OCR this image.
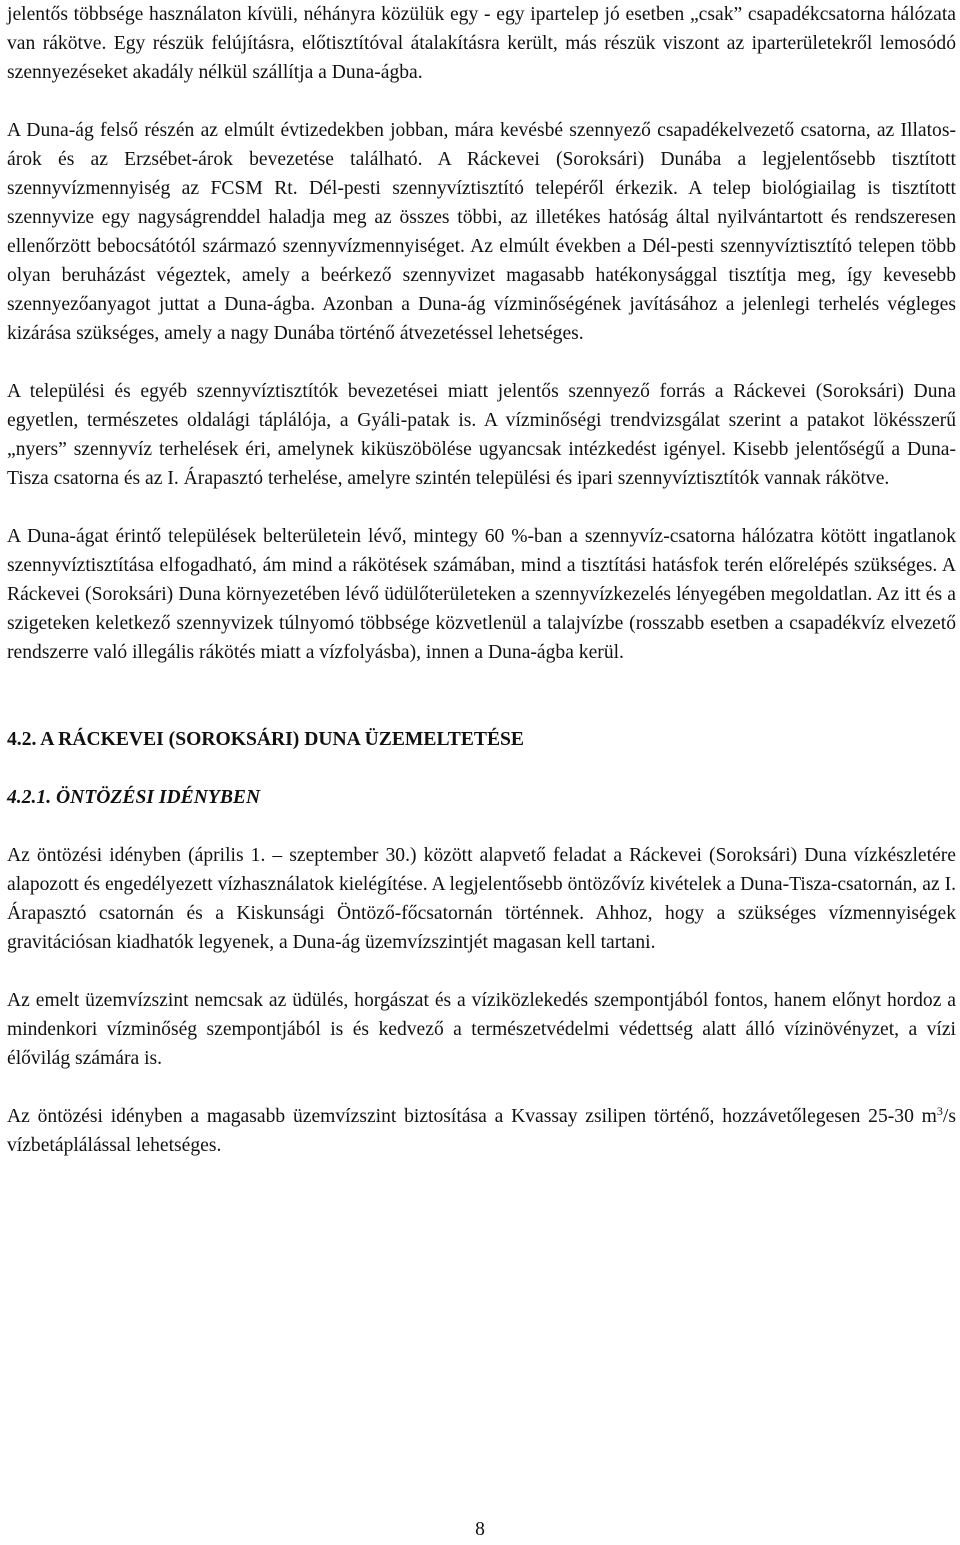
jelentős többsége használaton kívüli, néhányra közülük egy - egy ipartelep jó esetben „csak” csapadékcsatorna hálózata van rákötve. Egy részük felújításra, előtisztítóval átalakításra került, más részük viszont az iparterületekről lemosódó szennyezéseket akadály nélkül szállítja a Duna-ágba.

A Duna-ág felső részén az elmúlt évtizedekben jobban, mára kevésbé szennyező csapadékelvezető csatorna, az Illatos-árok és az Erzsébet-árok bevezetése található. A Ráckevei (Soroksári) Dunába a legjelentősebb tisztított szennyvízmennyiség az FCSM Rt. Dél-pesti szennyvíztisztító telepéről érkezik. A telep biológiailag is tisztított szennyvize egy nagyságrenddel haladja meg az összes többi, az illetékes hatóság által nyilvántartott és rendszeresen ellenőrzött bebocsátótól származó szennyvízmennyiséget. Az elmúlt években a Dél-pesti szennyvíztisztító telepen több olyan beruházást végeztek, amely a beérkező szennyvizet magasabb hatékonysággal tisztítja meg, így kevesebb szennyezőanyagot juttat a Duna-ágba. Azonban a Duna-ág vízminőségének javításához a jelenlegi terhelés végleges kizárása szükséges, amely a nagy Dunába történő átvezetéssel lehetséges.

A települési és egyéb szennyvíztisztítók bevezetései miatt jelentős szennyező forrás a Ráckevei (Soroksári) Duna egyetlen, természetes oldalági táplálója, a Gyáli-patak is. A vízminőségi trendvizsgálat szerint a patakot lökésszerű „nyers” szennyvíz terhelések éri, amelynek kiküszöbölése ugyancsak intézkedést igényel. Kisebb jelentőségű a Duna-Tisza csatorna és az I. Árapasztó terhelése, amelyre szintén települési és ipari szennyvíztisztítók vannak rákötve.

A Duna-ágat érintő települések belterületein lévő, mintegy 60 %-ban a szennyvíz-csatorna hálózatra kötött ingatlanok szennyvíztisztítása elfogadható, ám mind a rákötések számában, mind a tisztítási hatásfok terén előrelépés szükséges. A Ráckevei (Soroksári) Duna környezetében lévő üdülőterületeken a szennyvízkezelés lényegében megoldatlan. Az itt és a szigeteken keletkező szennyvizek túlnyomó többsége közvetlenül a talajvízbe (rosszabb esetben a csapadékvíz elvezető rendszerre való illegális rákötés miatt a vízfolyásba), innen a Duna-ágba kerül.

4.2. A RÁCKEVEI (SOROKSÁRI) DUNA ÜZEMELTETÉSE
4.2.1. ÖNTÖZÉSI IDÉNYBEN

Az öntözési idényben (április 1. – szeptember 30.) között alapvető feladat a Ráckevei (Soroksári) Duna vízkészletére alapozott és engedélyezett vízhasználatok kielégítése. A legjelentősebb öntözővíz kivételek a Duna-Tisza-csatornán, az I. Árapasztó csatornán és a Kiskunsági Öntöző-főcsatornán történnek. Ahhoz, hogy a szükséges vízmennyiségek gravitációsan kiadhatók legyenek, a Duna-ág üzemvízszintjét magasan kell tartani.

Az emelt üzemvízszint nemcsak az üdülés, horgászat és a víziközlekedés szempontjából fontos, hanem előnyt hordoz a mindenkori vízminőség szempontjából is és kedvező a természetvédelmi védettség alatt álló vízinövényzet, a vízi élővilág számára is.

Az öntözési idényben a magasabb üzemvízszint biztosítása a Kvassay zsilipen történő, hozzávetőlegesen 25-30 $m^3/s$ vízbetáplálással lehetséges.

8
